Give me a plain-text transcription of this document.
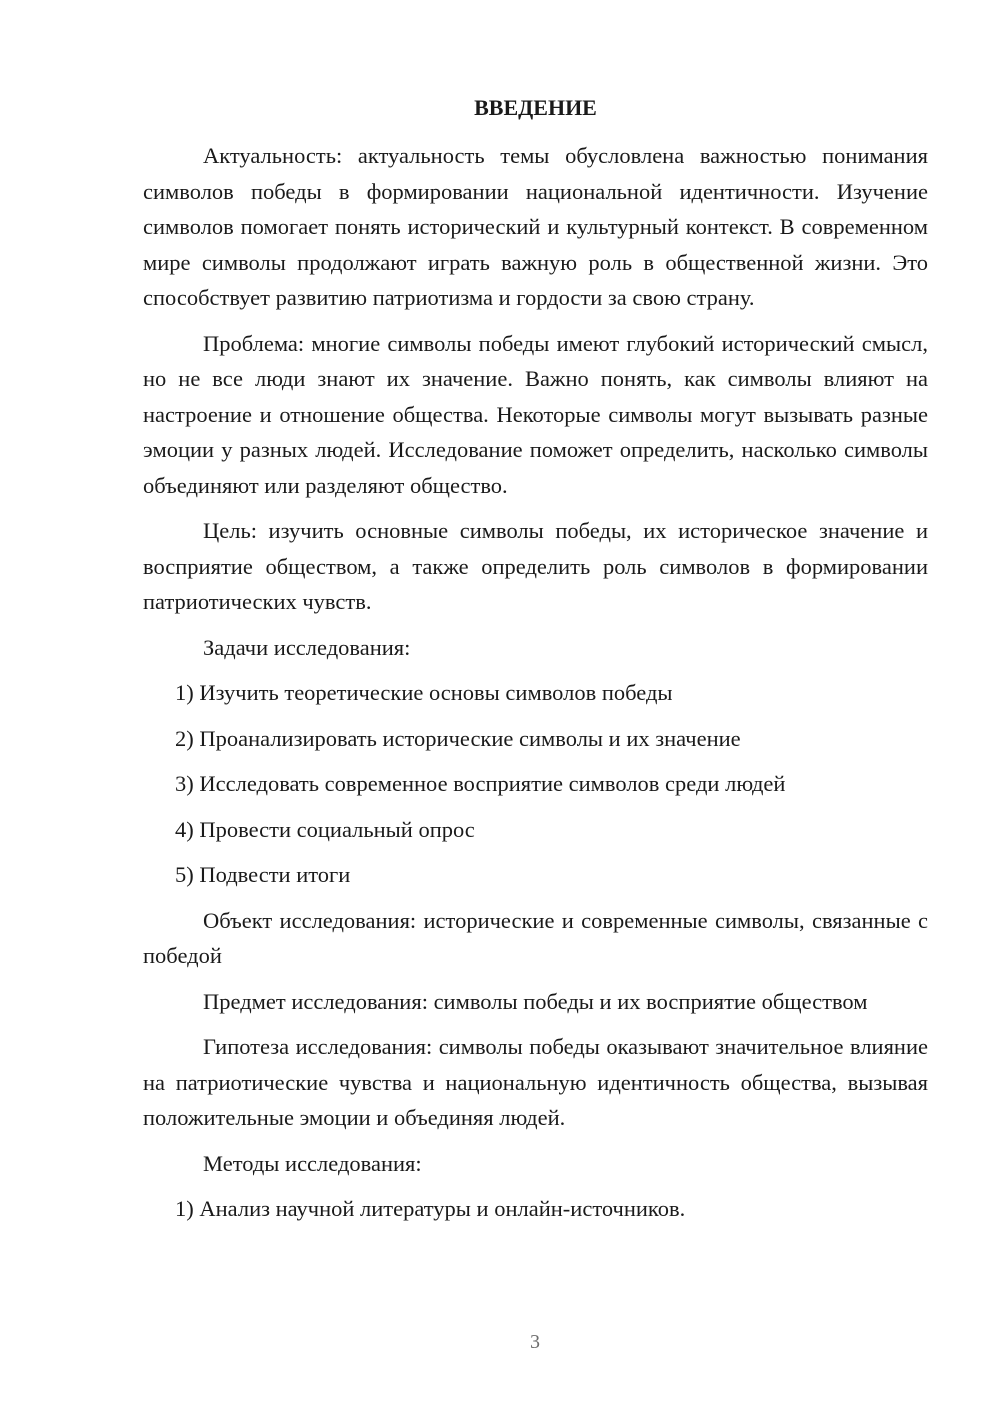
ВВЕДЕНИЕ

Актуальность: актуальность темы обусловлена важностью понимания символов победы в формировании национальной идентичности. Изучение символов помогает понять исторический и культурный контекст. В современном мире символы продолжают играть важную роль в общественной жизни. Это способствует развитию патриотизма и гордости за свою страну.

Проблема: многие символы победы имеют глубокий исторический смысл, но не все люди знают их значение. Важно понять, как символы влияют на настроение и отношение общества. Некоторые символы могут вызывать разные эмоции у разных людей. Исследование поможет определить, насколько символы объединяют или разделяют общество.

Цель: изучить основные символы победы, их историческое значение и восприятие обществом, а также определить роль символов в формировании патриотических чувств.

Задачи исследования:

1) Изучить теоретические основы символов победы
2) Проанализировать исторические символы и их значение
3) Исследовать современное восприятие символов среди людей
4) Провести социальный опрос
5) Подвести итоги

Объект исследования: исторические и современные символы, связанные с победой

Предмет исследования: символы победы и их восприятие обществом

Гипотеза исследования: символы победы оказывают значительное влияние на патриотические чувства и национальную идентичность общества, вызывая положительные эмоции и объединяя людей.

Методы исследования:

1) Анализ научной литературы и онлайн-источников.
3
